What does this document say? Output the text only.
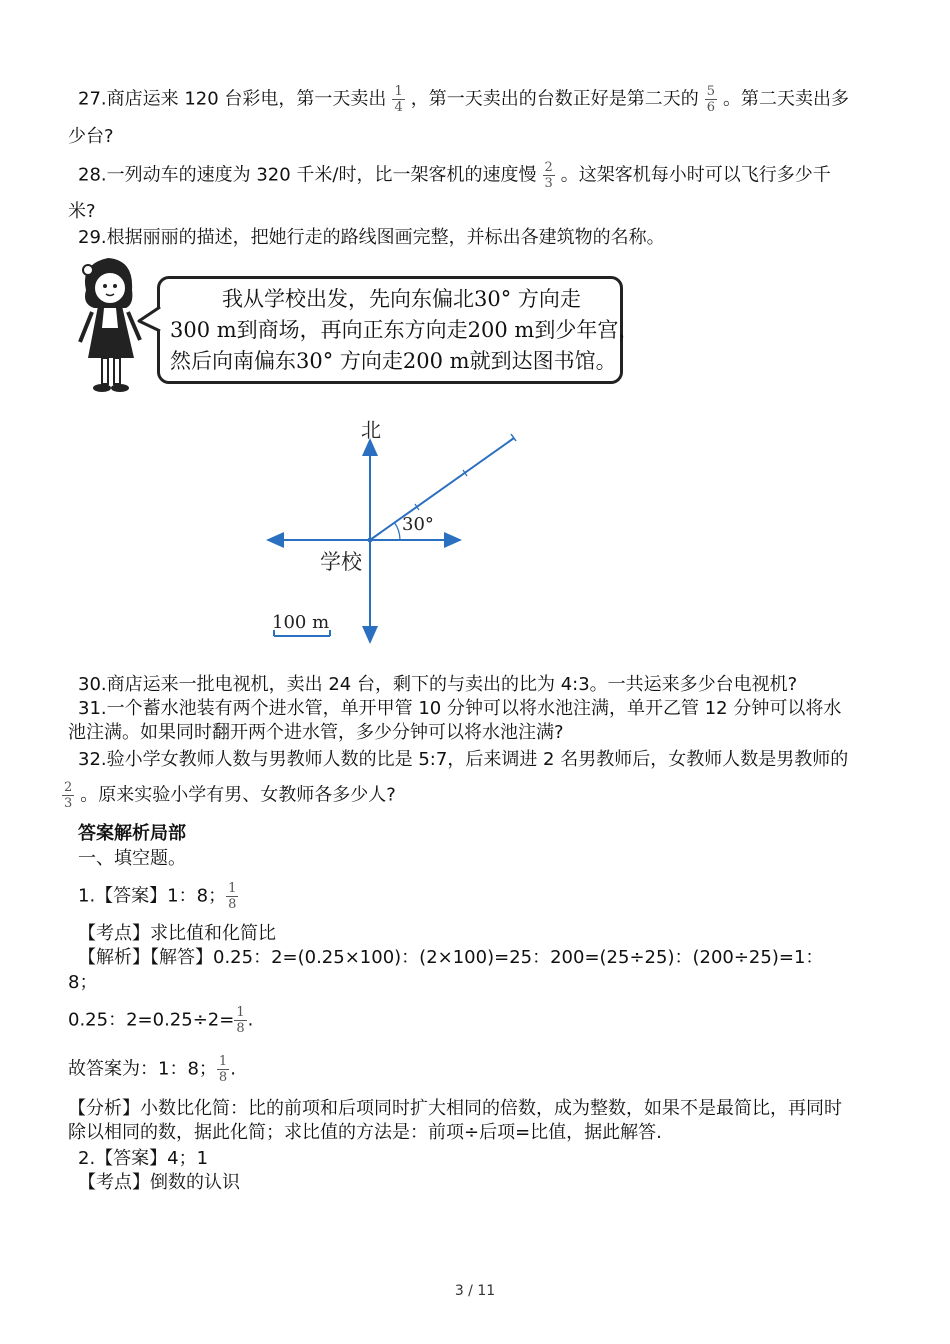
27.商店运来 120 台彩电，第一天卖出 $\frac{1}{4}$ ，第一天卖出的台数正好是第二天的 $\frac{5}{6}$ 。第二天卖出多
少台?
28.一列动车的速度为 320 千米/时，比一架客机的速度慢 $\frac{2}{3}$ 。这架客机每小时可以飞行多少千
米?
29.根据丽丽的描述，把她行走的路线图画完整，并标出各建筑物的名称。
我从学校出发，先向东偏北30° 方向走
300 m到商场，再向正东方向走200 m到少年宫，
然后向南偏东30° 方向走200 m就到达图书馆。
北
学校
30°
100 m
30.商店运来一批电视机，卖出 24 台，剩下的与卖出的比为 4:3。一共运来多少台电视机?
31.一个蓄水池装有两个进水管，单开甲管 10 分钟可以将水池注满，单开乙管 12 分钟可以将水
池注满。如果同时翻开两个进水管，多少分钟可以将水池注满?
32.验小学女教师人数与男教师人数的比是 5:7，后来调进 2 名男教师后，女教师人数是男教师的
$\frac{2}{3}$ 。原来实验小学有男、女教师各多少人?
答案解析局部
一、填空题。
1.【答案】1：8； $\frac{1}{8}$
【考点】求比值和化简比
【解析】【解答】0.25：2=(0.25×100)：(2×100)=25：200=(25÷25)：(200÷25)=1：
8；
0.25：$2=0.25\div 2= \frac{1}{8}$ .
故答案为：1：8； $\frac{1}{8}$ .
【分析】小数比化简：比的前项和后项同时扩大相同的倍数，成为整数，如果不是最简比，再同时
除以相同的数，据此化简；求比值的方法是：前项÷后项=比值，据此解答.
2.【答案】4；1
【考点】倒数的认识
3 / 11
